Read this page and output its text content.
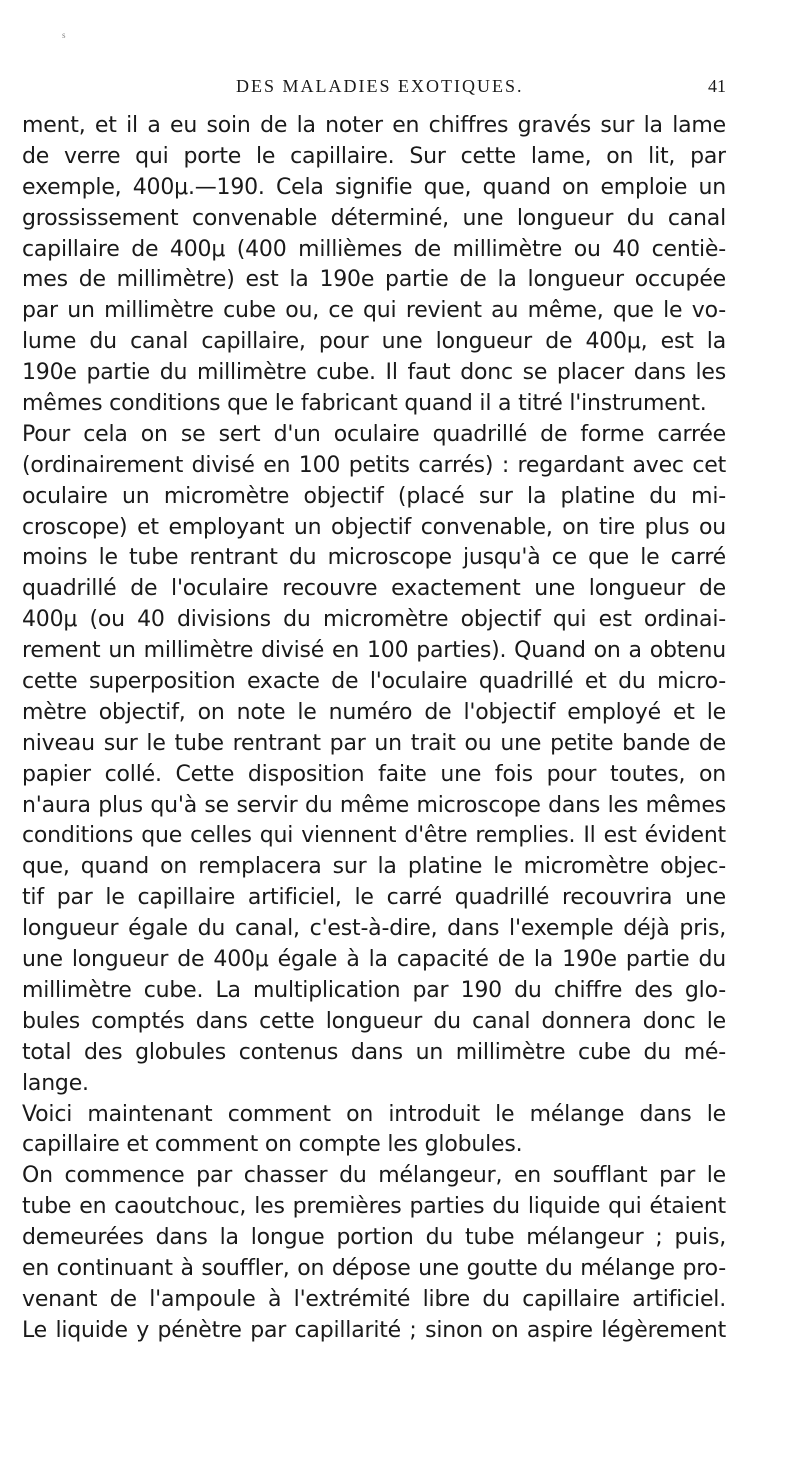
s
DES MALADIES EXOTIQUES.	41
ment, et il a eu soin de la noter en chiffres gravés sur la lame
de verre qui porte le capillaire. Sur cette lame, on lit, par
exemple, 400μ.—190. Cela signifie que, quand on emploie un
grossissement convenable déterminé, une longueur du canal
capillaire de 400μ (400 millièmes de millimètre ou 40 centiè-
mes de millimètre) est la 190e partie de la longueur occupée
par un millimètre cube ou, ce qui revient au même, que le vo-
lume du canal capillaire, pour une longueur de 400μ, est la
190e partie du millimètre cube. Il faut donc se placer dans les
mêmes conditions que le fabricant quand il a titré l'instrument.
Pour cela on se sert d'un oculaire quadrillé de forme carrée
(ordinairement divisé en 100 petits carrés) : regardant avec cet
oculaire un micromètre objectif (placé sur la platine du mi-
croscope) et employant un objectif convenable, on tire plus ou
moins le tube rentrant du microscope jusqu'à ce que le carré
quadrillé de l'oculaire recouvre exactement une longueur de
400μ (ou 40 divisions du micromètre objectif qui est ordinai-
rement un millimètre divisé en 100 parties). Quand on a obtenu
cette superposition exacte de l'oculaire quadrillé et du micro-
mètre objectif, on note le numéro de l'objectif employé et le
niveau sur le tube rentrant par un trait ou une petite bande de
papier collé. Cette disposition faite une fois pour toutes, on
n'aura plus qu'à se servir du même microscope dans les mêmes
conditions que celles qui viennent d'être remplies. Il est évident
que, quand on remplacera sur la platine le micromètre objec-
tif par le capillaire artificiel, le carré quadrillé recouvrira une
longueur égale du canal, c'est-à-dire, dans l'exemple déjà pris,
une longueur de 400μ égale à la capacité de la 190e partie du
millimètre cube. La multiplication par 190 du chiffre des glo-
bules comptés dans cette longueur du canal donnera donc le
total des globules contenus dans un millimètre cube du mé-
lange.
Voici maintenant comment on introduit le mélange dans le
capillaire et comment on compte les globules.
On commence par chasser du mélangeur, en soufflant par le
tube en caoutchouc, les premières parties du liquide qui étaient
demeurées dans la longue portion du tube mélangeur ; puis,
en continuant à souffler, on dépose une goutte du mélange pro-
venant de l'ampoule à l'extrémité libre du capillaire artificiel.
Le liquide y pénètre par capillarité ; sinon on aspire légèrement
